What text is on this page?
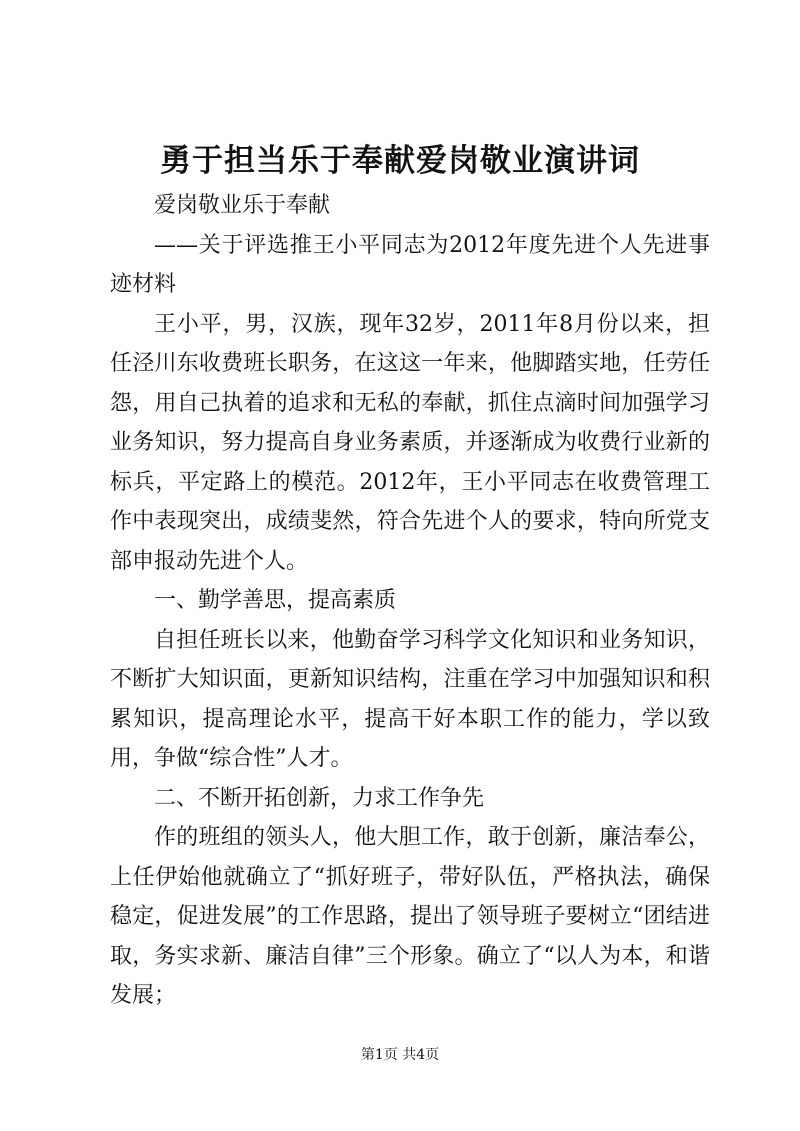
勇于担当乐于奉献爱岗敬业演讲词

爱岗敬业乐于奉献

——关于评选推王小平同志为2012年度先进个人先进事迹材料

王小平，男，汉族，现年32岁，2011年8月份以来，担任泾川东收费班长职务，在这这一年来，他脚踏实地，任劳任怨，用自己执着的追求和无私的奉献，抓住点滴时间加强学习业务知识，努力提高自身业务素质，并逐渐成为收费行业新的标兵，平定路上的模范。2012年，王小平同志在收费管理工作中表现突出，成绩斐然，符合先进个人的要求，特向所党支部申报动先进个人。

一、勤学善思，提高素质

自担任班长以来，他勤奋学习科学文化知识和业务知识，不断扩大知识面，更新知识结构，注重在学习中加强知识和积累知识，提高理论水平，提高干好本职工作的能力，学以致用，争做“综合性”人才。

二、不断开拓创新，力求工作争先

作的班组的领头人，他大胆工作，敢于创新，廉洁奉公，上任伊始他就确立了“抓好班子，带好队伍，严格执法，确保稳定，促进发展”的工作思路，提出了领导班子要树立“团结进取，务实求新、廉洁自律”三个形象。确立了“以人为本，和谐发展；

第1页 共4页
